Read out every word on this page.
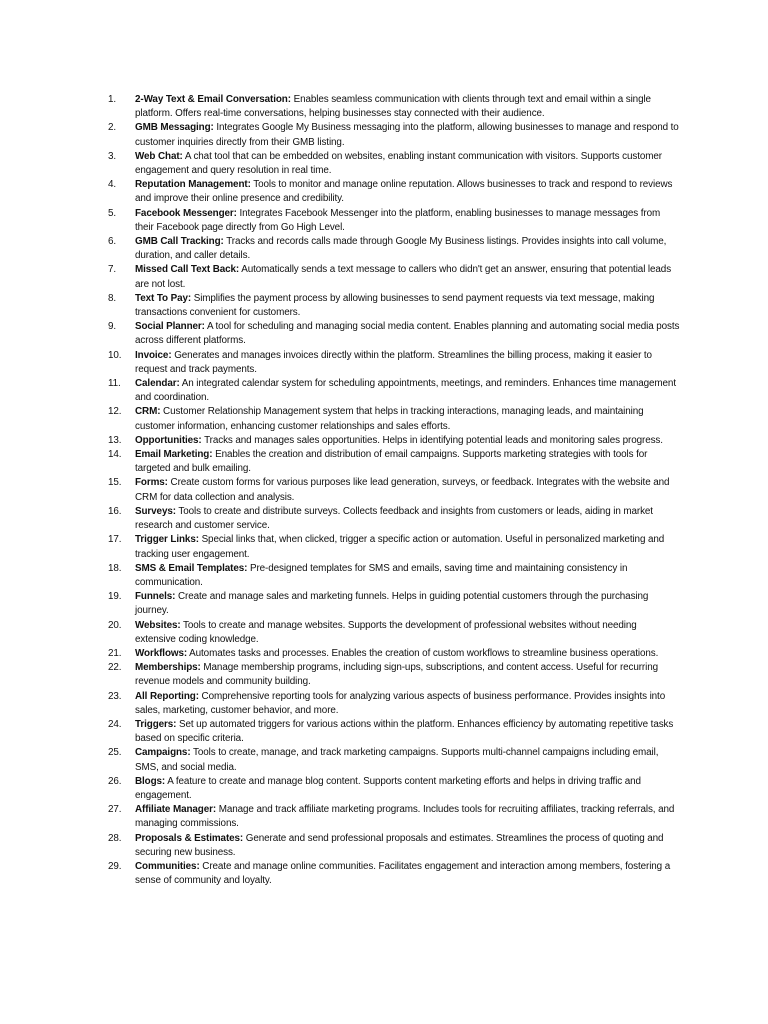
1.	2-Way Text & Email Conversation: Enables seamless communication with clients through text and email within a single platform. Offers real-time conversations, helping businesses stay connected with their audience.
2.	GMB Messaging: Integrates Google My Business messaging into the platform, allowing businesses to manage and respond to customer inquiries directly from their GMB listing.
3.	Web Chat: A chat tool that can be embedded on websites, enabling instant communication with visitors. Supports customer engagement and query resolution in real time.
4.	Reputation Management: Tools to monitor and manage online reputation. Allows businesses to track and respond to reviews and improve their online presence and credibility.
5.	Facebook Messenger: Integrates Facebook Messenger into the platform, enabling businesses to manage messages from their Facebook page directly from Go High Level.
6.	GMB Call Tracking: Tracks and records calls made through Google My Business listings. Provides insights into call volume, duration, and caller details.
7.	Missed Call Text Back: Automatically sends a text message to callers who didn't get an answer, ensuring that potential leads are not lost.
8.	Text To Pay: Simplifies the payment process by allowing businesses to send payment requests via text message, making transactions convenient for customers.
9.	Social Planner: A tool for scheduling and managing social media content. Enables planning and automating social media posts across different platforms.
10.	Invoice: Generates and manages invoices directly within the platform. Streamlines the billing process, making it easier to request and track payments.
11.	Calendar: An integrated calendar system for scheduling appointments, meetings, and reminders. Enhances time management and coordination.
12.	CRM: Customer Relationship Management system that helps in tracking interactions, managing leads, and maintaining customer information, enhancing customer relationships and sales efforts.
13.	Opportunities: Tracks and manages sales opportunities. Helps in identifying potential leads and monitoring sales progress.
14.	Email Marketing: Enables the creation and distribution of email campaigns. Supports marketing strategies with tools for targeted and bulk emailing.
15.	Forms: Create custom forms for various purposes like lead generation, surveys, or feedback. Integrates with the website and CRM for data collection and analysis.
16.	Surveys: Tools to create and distribute surveys. Collects feedback and insights from customers or leads, aiding in market research and customer service.
17.	Trigger Links: Special links that, when clicked, trigger a specific action or automation. Useful in personalized marketing and tracking user engagement.
18.	SMS & Email Templates: Pre-designed templates for SMS and emails, saving time and maintaining consistency in communication.
19.	Funnels: Create and manage sales and marketing funnels. Helps in guiding potential customers through the purchasing journey.
20.	Websites: Tools to create and manage websites. Supports the development of professional websites without needing extensive coding knowledge.
21.	Workflows: Automates tasks and processes. Enables the creation of custom workflows to streamline business operations.
22.	Memberships: Manage membership programs, including sign-ups, subscriptions, and content access. Useful for recurring revenue models and community building.
23.	All Reporting: Comprehensive reporting tools for analyzing various aspects of business performance. Provides insights into sales, marketing, customer behavior, and more.
24.	Triggers: Set up automated triggers for various actions within the platform. Enhances efficiency by automating repetitive tasks based on specific criteria.
25.	Campaigns: Tools to create, manage, and track marketing campaigns. Supports multi-channel campaigns including email, SMS, and social media.
26.	Blogs: A feature to create and manage blog content. Supports content marketing efforts and helps in driving traffic and engagement.
27.	Affiliate Manager: Manage and track affiliate marketing programs. Includes tools for recruiting affiliates, tracking referrals, and managing commissions.
28.	Proposals & Estimates: Generate and send professional proposals and estimates. Streamlines the process of quoting and securing new business.
29.	Communities: Create and manage online communities. Facilitates engagement and interaction among members, fostering a sense of community and loyalty.
